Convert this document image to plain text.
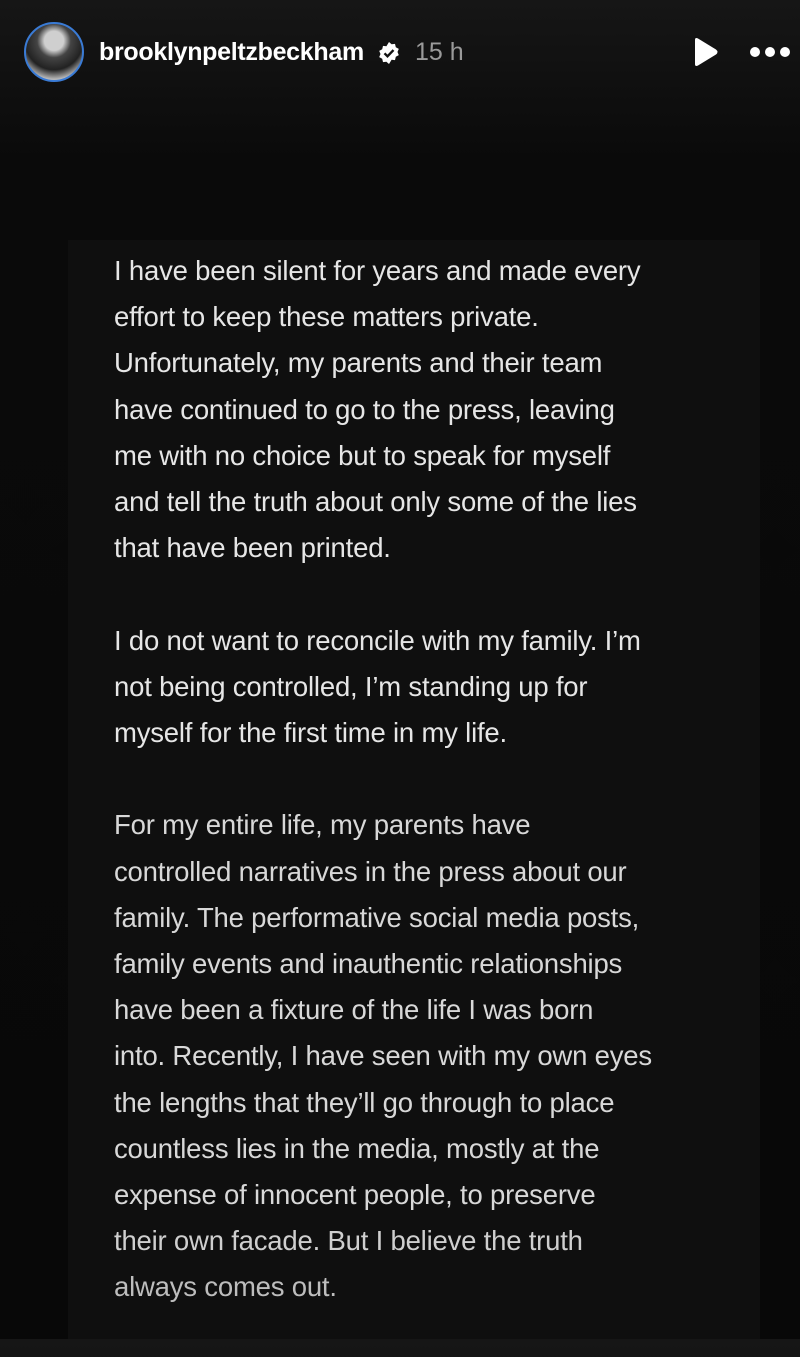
brooklynpeltzbeckham 15 h

I have been silent for years and made every
effort to keep these matters private.
Unfortunately, my parents and their team
have continued to go to the press, leaving
me with no choice but to speak for myself
and tell the truth about only some of the lies
that have been printed.

I do not want to reconcile with my family. I’m
not being controlled, I’m standing up for
myself for the first time in my life.

For my entire life, my parents have
controlled narratives in the press about our
family. The performative social media posts,
family events and inauthentic relationships
have been a fixture of the life I was born
into. Recently, I have seen with my own eyes
the lengths that they’ll go through to place
countless lies in the media, mostly at the
expense of innocent people, to preserve
their own facade. But I believe the truth
always comes out.
